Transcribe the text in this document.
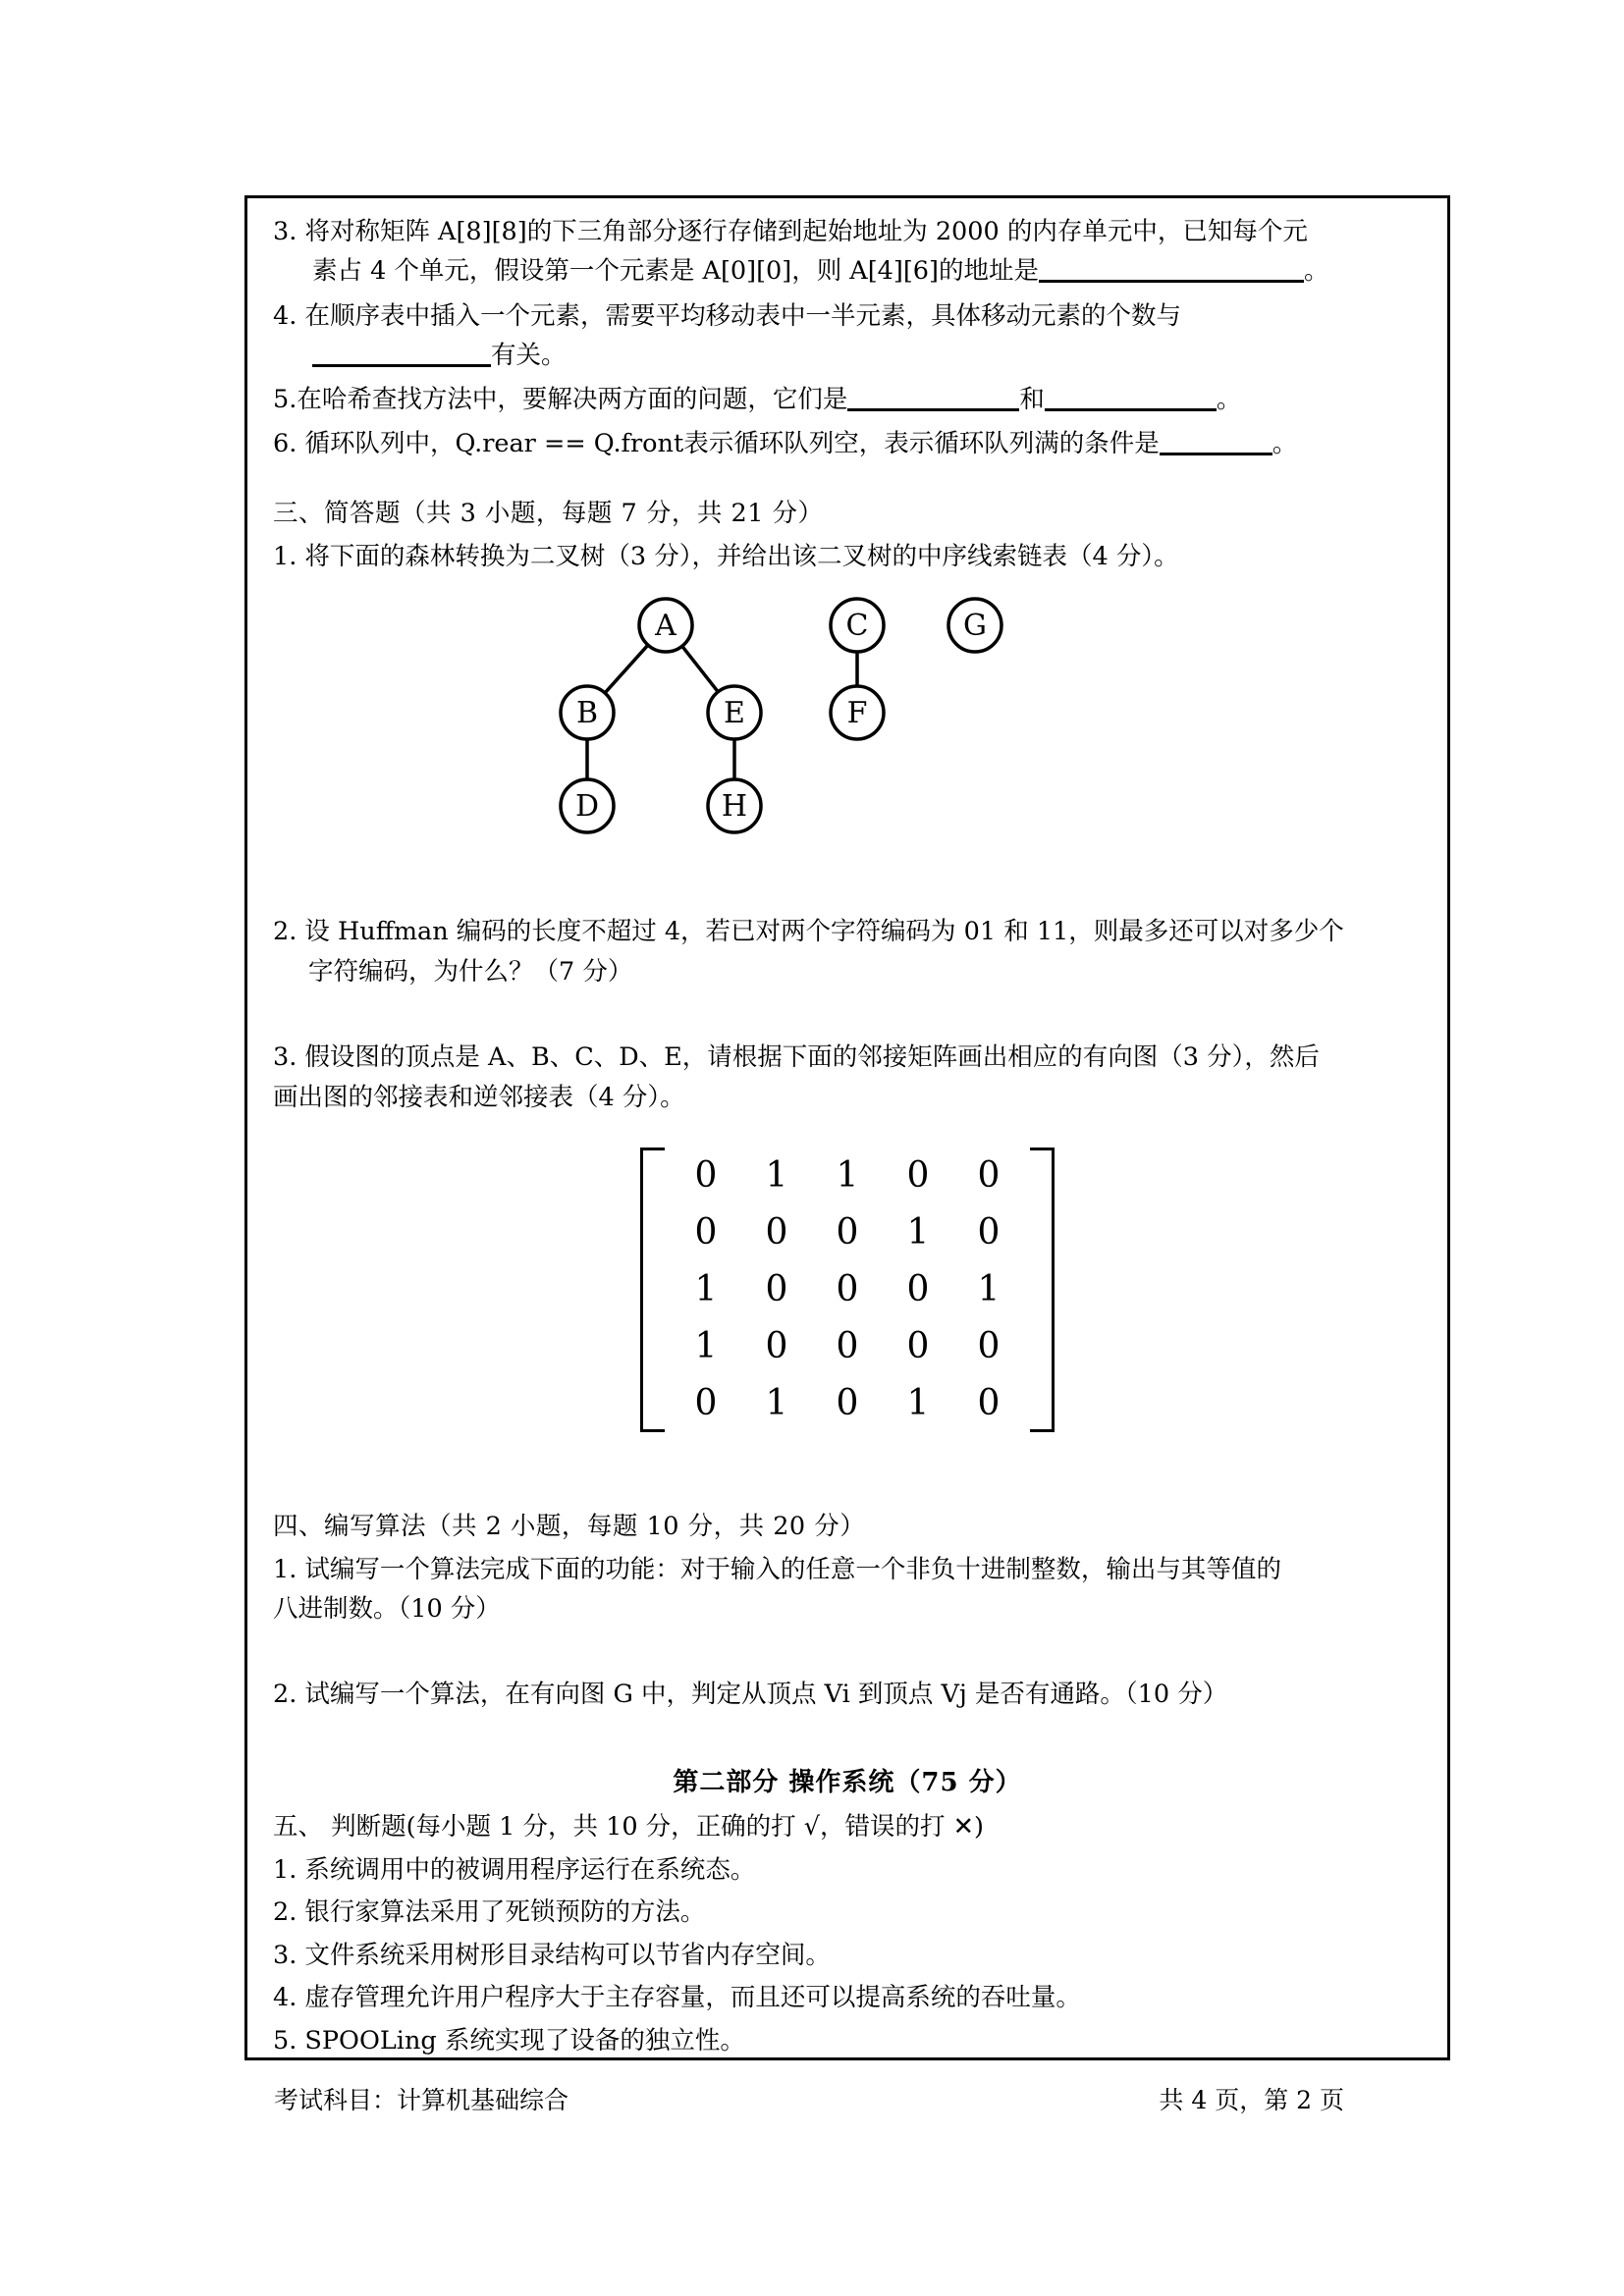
3. 将对称矩阵 A[8][8]的下三角部分逐行存储到起始地址为 2000 的内存单元中，已知每个元
素占 4 个单元，假设第一个元素是 A[0][0]，则 A[4][6]的地址是	。
4. 在顺序表中插入一个元素，需要平均移动表中一半元素，具体移动元素的个数与
有关。
5.在哈希查找方法中，要解决两方面的问题，它们是	和	。
6. 循环队列中，Q.rear == Q.front表示循环队列空，表示循环队列满的条件是	。
三、简答题（共 3 小题，每题 7 分，共 21 分）
1. 将下面的森林转换为二叉树（3 分），并给出该二叉树的中序线索链表（4 分）。
A
B	E
D	H
C
F
G
2. 设 Huffman 编码的长度不超过 4，若已对两个字符编码为 01 和 11，则最多还可以对多少个
字符编码，为什么？（7 分）
3. 假设图的顶点是 A、B、C、D、E，请根据下面的邻接矩阵画出相应的有向图（3 分），然后
画出图的邻接表和逆邻接表（4 分）。
0	1	1	0	0
0	0	0	1	0
1	0	0	0	1
1	0	0	0	0
0	1	0	1	0
四、编写算法（共 2 小题，每题 10 分，共 20 分）
1. 试编写一个算法完成下面的功能：对于输入的任意一个非负十进制整数，输出与其等值的
八进制数。（10 分）
2. 试编写一个算法，在有向图 G 中，判定从顶点 Vi 到顶点 Vj 是否有通路。（10 分）
第二部分 操作系统（75 分）
五、 判断题(每小题 1 分，共 10 分，正确的打 √，错误的打 ✕)
1. 系统调用中的被调用程序运行在系统态。
2. 银行家算法采用了死锁预防的方法。
3. 文件系统采用树形目录结构可以节省内存空间。
4. 虚存管理允许用户程序大于主存容量，而且还可以提高系统的吞吐量。
5. SPOOLing 系统实现了设备的独立性。
考试科目：计算机基础综合	共 4 页，第 2 页
